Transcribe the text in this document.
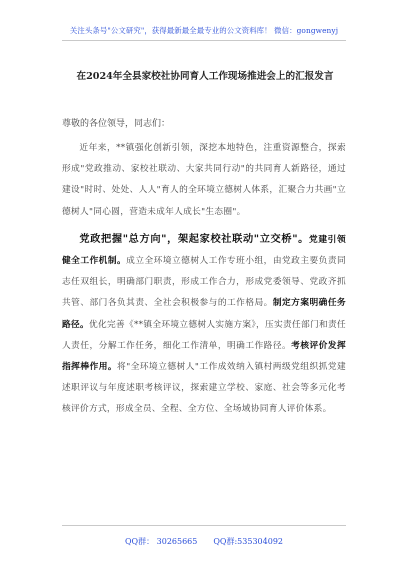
关注头条号"公文研究"，获得最新最全最专业的公文资料库！ 微信：gongwenyj
在2024年全县家校社协同育人工作现场推进会上的汇报发言
尊敬的各位领导，同志们：

近年来，**镇强化创新引领，深挖本地特色，注重资源整合，探索形成"党政推动、家校社联动、大家共同行动"的共同育人新路径，通过建设"时时、处处、人人"育人的全环境立德树人体系，汇聚合力共画"立德树人"同心圆，营造未成年人成长"生态圈"。

党政把握"总方向"，架起家校社联动"立交桥"。党建引领健全工作机制。成立全环境立德树人工作专班小组，由党政主要负责同志任双组长，明确部门职责，形成工作合力，形成党委领导、党政齐抓共管、部门各负其责、全社会积极参与的工作格局。制定方案明确任务路径。优化完善《**镇全环境立德树人实施方案》，压实责任部门和责任人责任，分解工作任务，细化工作清单，明确工作路径。考核评价发挥指挥棒作用。将"全环境立德树人"工作成效纳入镇村两级党组织抓党建述职评议与年度述职考核评议，探索建立学校、家庭、社会等多元化考核评价方式，形成全员、全程、全方位、全场域协同育人评价体系。

QQ群： 30265665 QQ群:535304092
